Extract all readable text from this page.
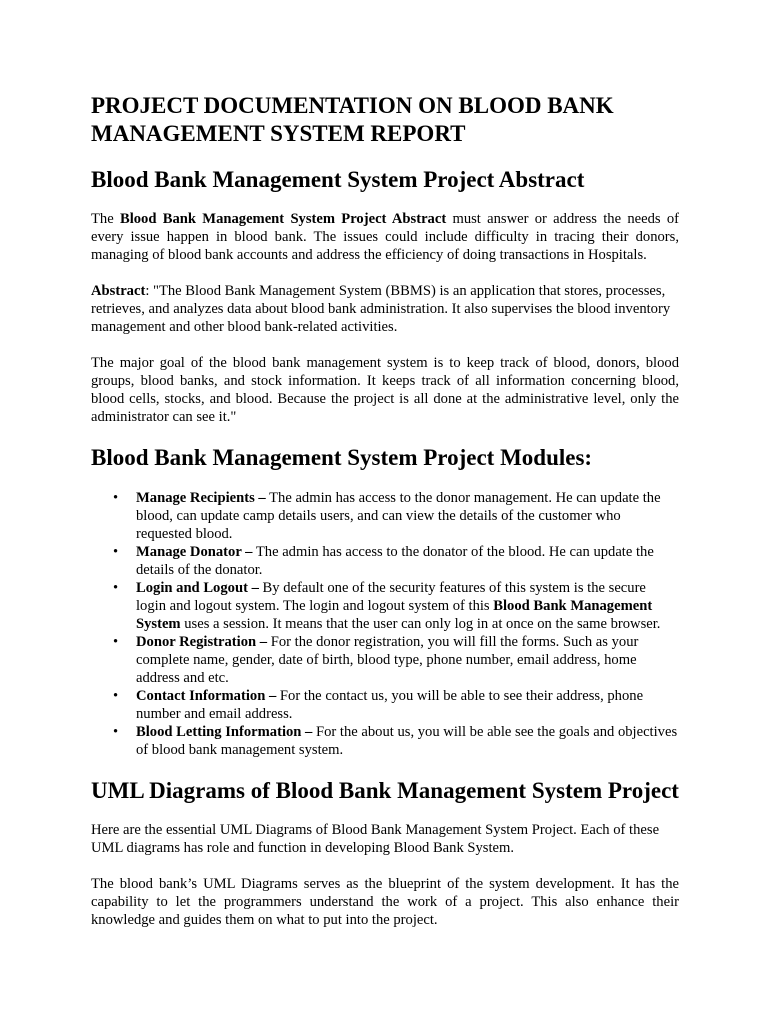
PROJECT DOCUMENTATION ON BLOOD BANK MANAGEMENT SYSTEM REPORT
Blood Bank Management System Project Abstract

The Blood Bank Management System Project Abstract must answer or address the needs of every issue happen in blood bank. The issues could include difficulty in tracing their donors, managing of blood bank accounts and address the efficiency of doing transactions in Hospitals.

Abstract: "The Blood Bank Management System (BBMS) is an application that stores, processes, retrieves, and analyzes data about blood bank administration. It also supervises the blood inventory management and other blood bank-related activities.

The major goal of the blood bank management system is to keep track of blood, donors, blood groups, blood banks, and stock information. It keeps track of all information concerning blood, blood cells, stocks, and blood. Because the project is all done at the administrative level, only the administrator can see it."

Blood Bank Management System Project Modules:
• Manage Recipients – The admin has access to the donor management. He can update the blood, can update camp details users, and can view the details of the customer who requested blood.
• Manage Donator – The admin has access to the donator of the blood. He can update the details of the donator.
• Login and Logout – By default one of the security features of this system is the secure login and logout system. The login and logout system of this Blood Bank Management System uses a session. It means that the user can only log in at once on the same browser.
• Donor Registration – For the donor registration, you will fill the forms. Such as your complete name, gender, date of birth, blood type, phone number, email address, home address and etc.
• Contact Information – For the contact us, you will be able to see their address, phone number and email address.
• Blood Letting Information – For the about us, you will be able see the goals and objectives of blood bank management system.
UML Diagrams of Blood Bank Management System Project

Here are the essential UML Diagrams of Blood Bank Management System Project. Each of these UML diagrams has role and function in developing Blood Bank System.

The blood bank’s UML Diagrams serves as the blueprint of the system development. It has the capability to let the programmers understand the work of a project. This also enhance their knowledge and guides them on what to put into the project.
